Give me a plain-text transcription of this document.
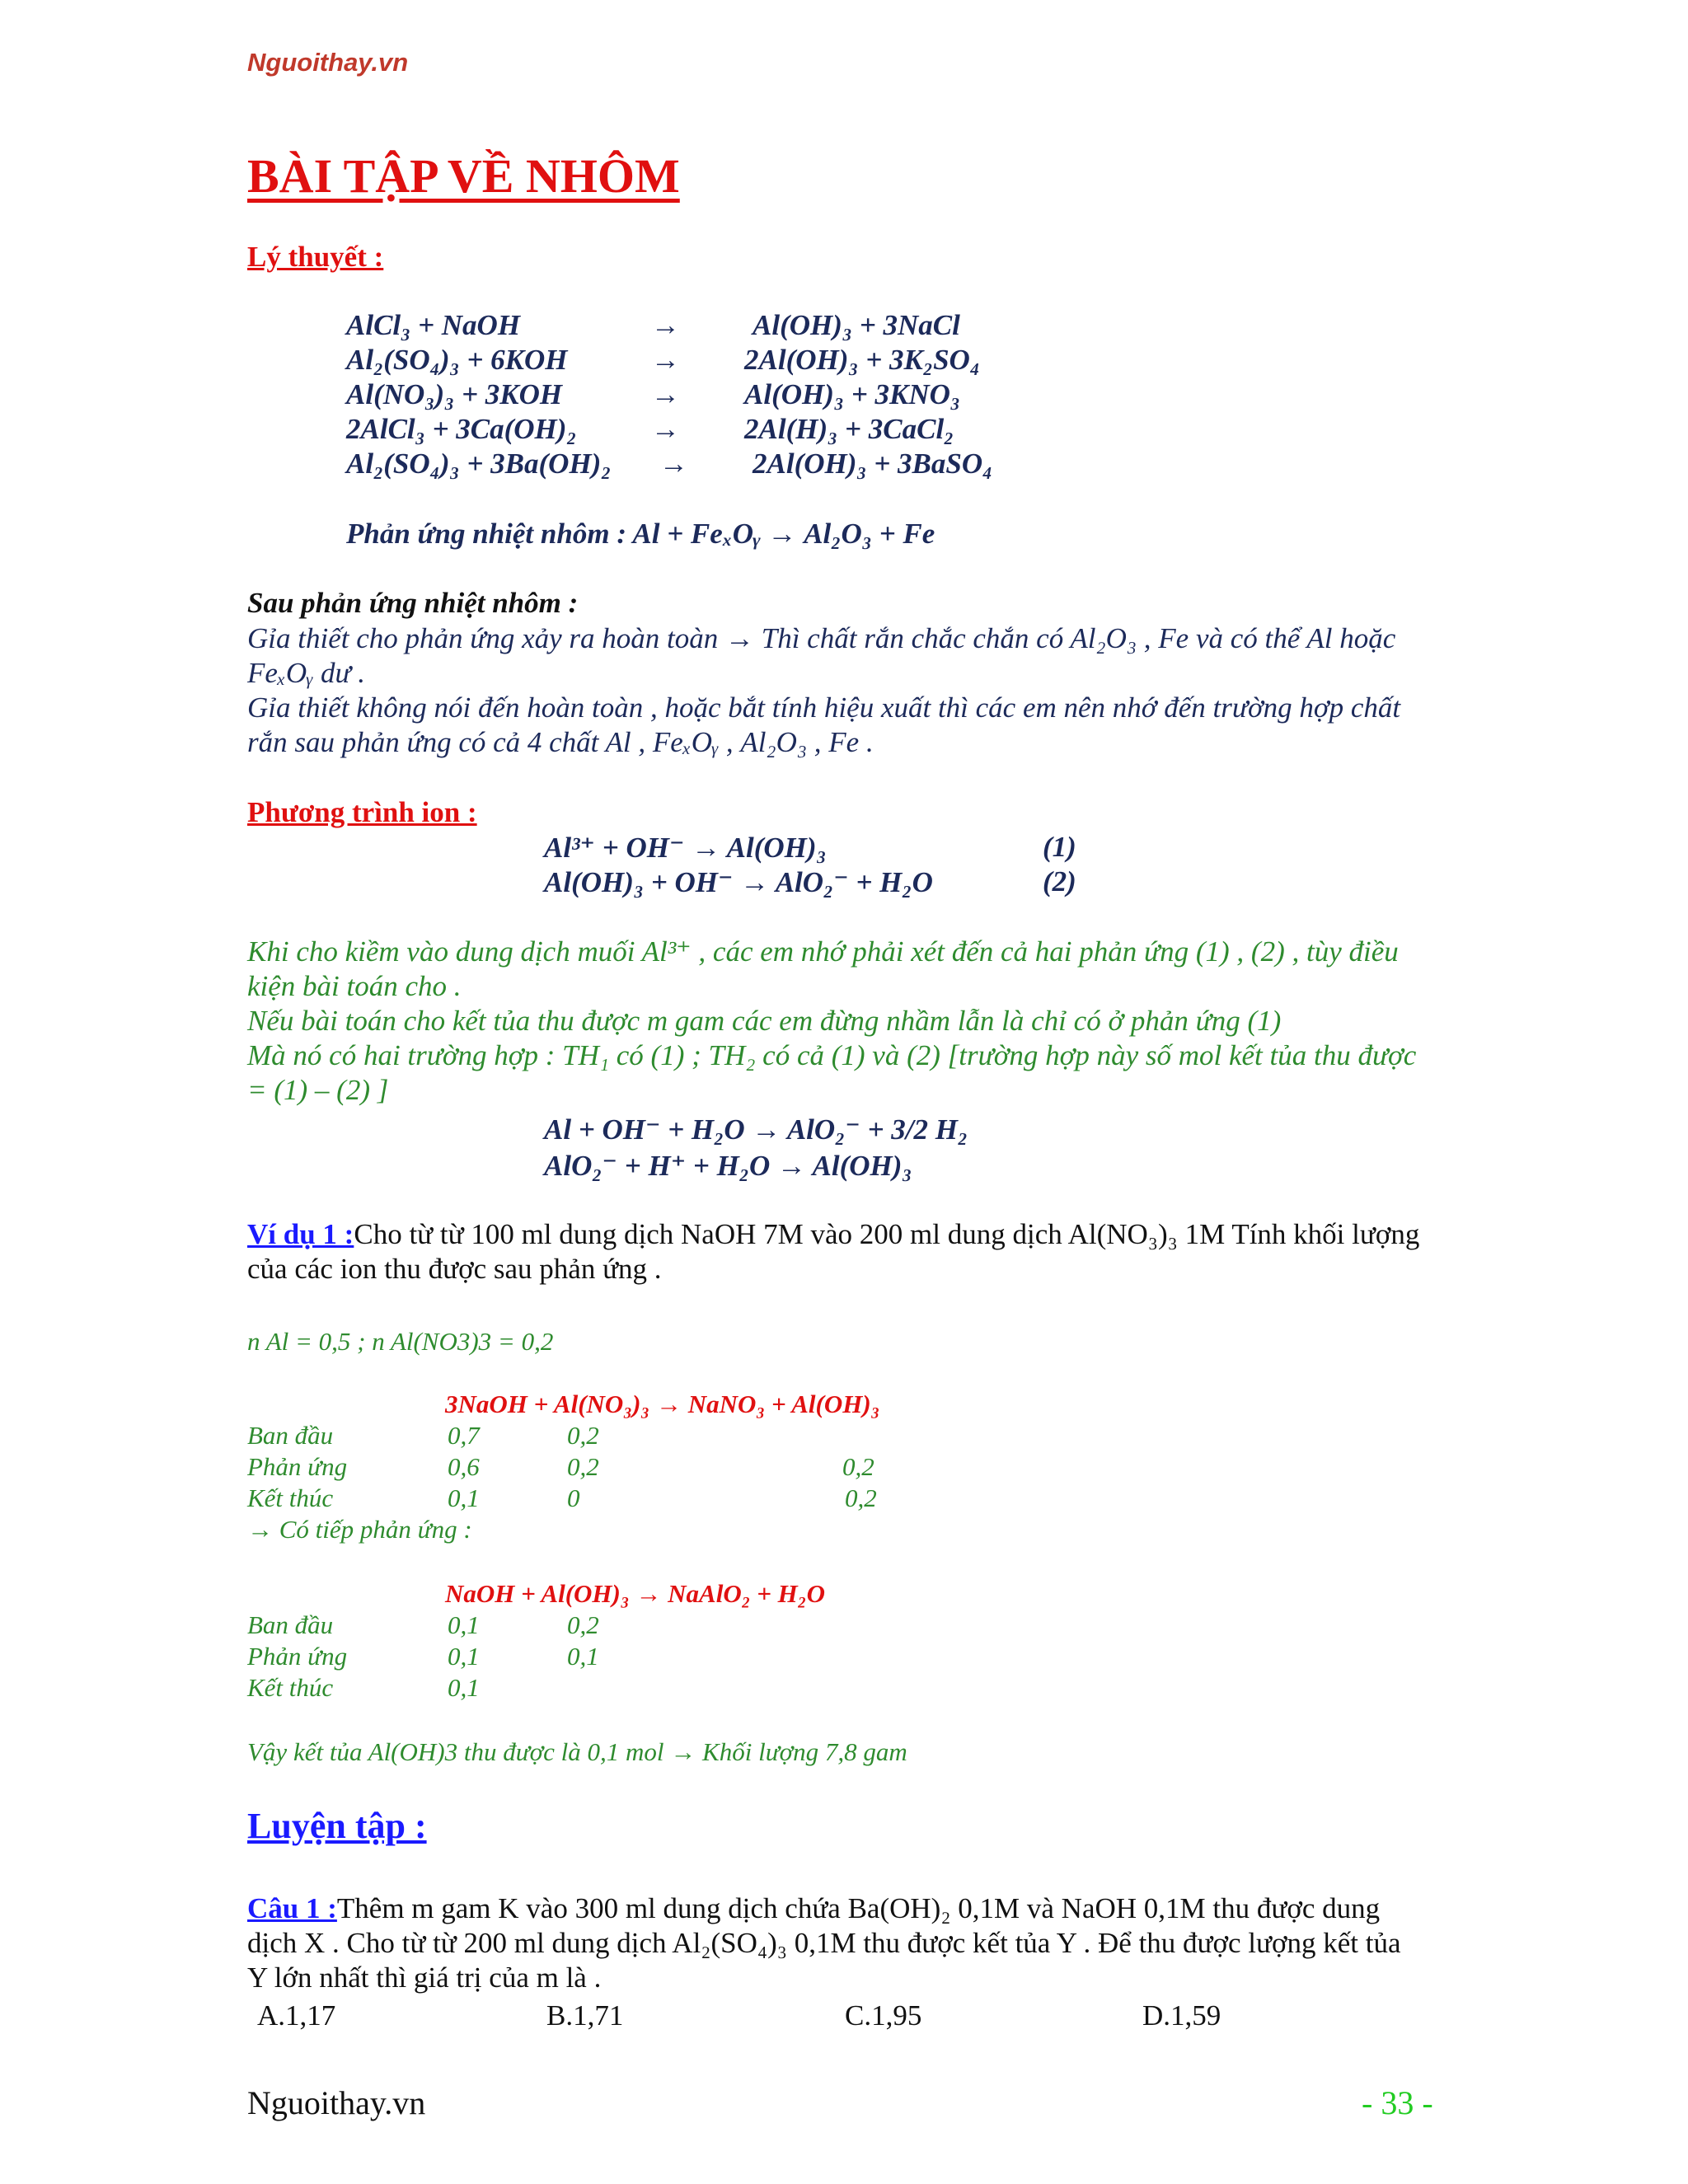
Nguoithay.vn
BÀI TẬP VỀ NHÔM
Lý thuyết :
AlCl₃ + NaOH	→	Al(OH)₃ + 3NaCl
Al₂(SO₄)₃ + 6KOH	→ 2Al(OH)₃ + 3K₂SO₄
Al(NO₃)₃ + 3KOH	→ Al(OH)₃ + 3KNO₃
2AlCl₃ + 3Ca(OH)₂	→ 2Al(H)₃ + 3CaCl₂
Al₂(SO₄)₃ + 3Ba(OH)₂ → 2Al(OH)₃ + 3BaSO₄
Phản ứng nhiệt nhôm : Al + FeₓOᵧ → Al₂O₃ + Fe
Sau phản ứng nhiệt nhôm :
Gỉa thiết cho phản ứng xảy ra hoàn toàn → Thì chất rắn chắc chắn có Al₂O₃ , Fe và có thể Al hoặc
FeₓOᵧ dư .
Gỉa thiết không nói đến hoàn toàn , hoặc bắt tính hiệu xuất thì các em nên nhớ đến trường hợp chất
rắn sau phản ứng có cả 4 chất Al , FeₓOᵧ , Al₂O₃ , Fe .
Phương trình ion :
Al³⁺ + OH⁻ → Al(OH)₃	(1)
Al(OH)₃ + OH⁻ → AlO₂⁻ + H₂O	(2)
Khi cho kiềm vào dung dịch muối Al³⁺ , các em nhớ phải xét đến cả hai phản ứng (1) , (2) , tùy điều
kiện bài toán cho .
Nếu bài toán cho kết tủa thu được m gam các em đừng nhầm lẫn là chỉ có ở phản ứng (1)
Mà nó có hai trường hợp : TH₁ có (1) ; TH₂ có cả (1) và (2) [trường hợp này số mol kết tủa thu được
= (1) – (2) ]
Al + OH⁻ + H₂O → AlO₂⁻ + 3/2 H₂
AlO₂⁻ + H⁺ + H₂O → Al(OH)₃
Ví dụ 1 :Cho từ từ 100 ml dung dịch NaOH 7M vào 200 ml dung dịch Al(NO₃)₃ 1M Tính khối lượng
của các ion thu được sau phản ứng .
n Al = 0,5 ; n Al(NO3)3 = 0,2
3NaOH + Al(NO₃)₃ → NaNO₃ + Al(OH)₃
Ban đầu	0,7	0,2
Phản ứng	0,6	0,2	0,2
Kết thúc	0,1	0	0,2
→ Có tiếp phản ứng :
NaOH + Al(OH)₃ → NaAlO₂ + H₂O
Ban đầu	0,1	0,2
Phản ứng	0,1	0,1
Kết thúc	0,1
Vậy kết tủa Al(OH)3 thu được là 0,1 mol → Khối lượng 7,8 gam
Luyện tập :
Câu 1 :Thêm m gam K vào 300 ml dung dịch chứa Ba(OH)₂ 0,1M và NaOH 0,1M thu được dung
dịch X . Cho từ từ 200 ml dung dịch Al₂(SO₄)₃ 0,1M thu được kết tủa Y . Để thu được lượng kết tủa
Y lớn nhất thì giá trị của m là .
A.1,17	B.1,71	C.1,95	D.1,59
Nguoithay.vn	- 33 -
